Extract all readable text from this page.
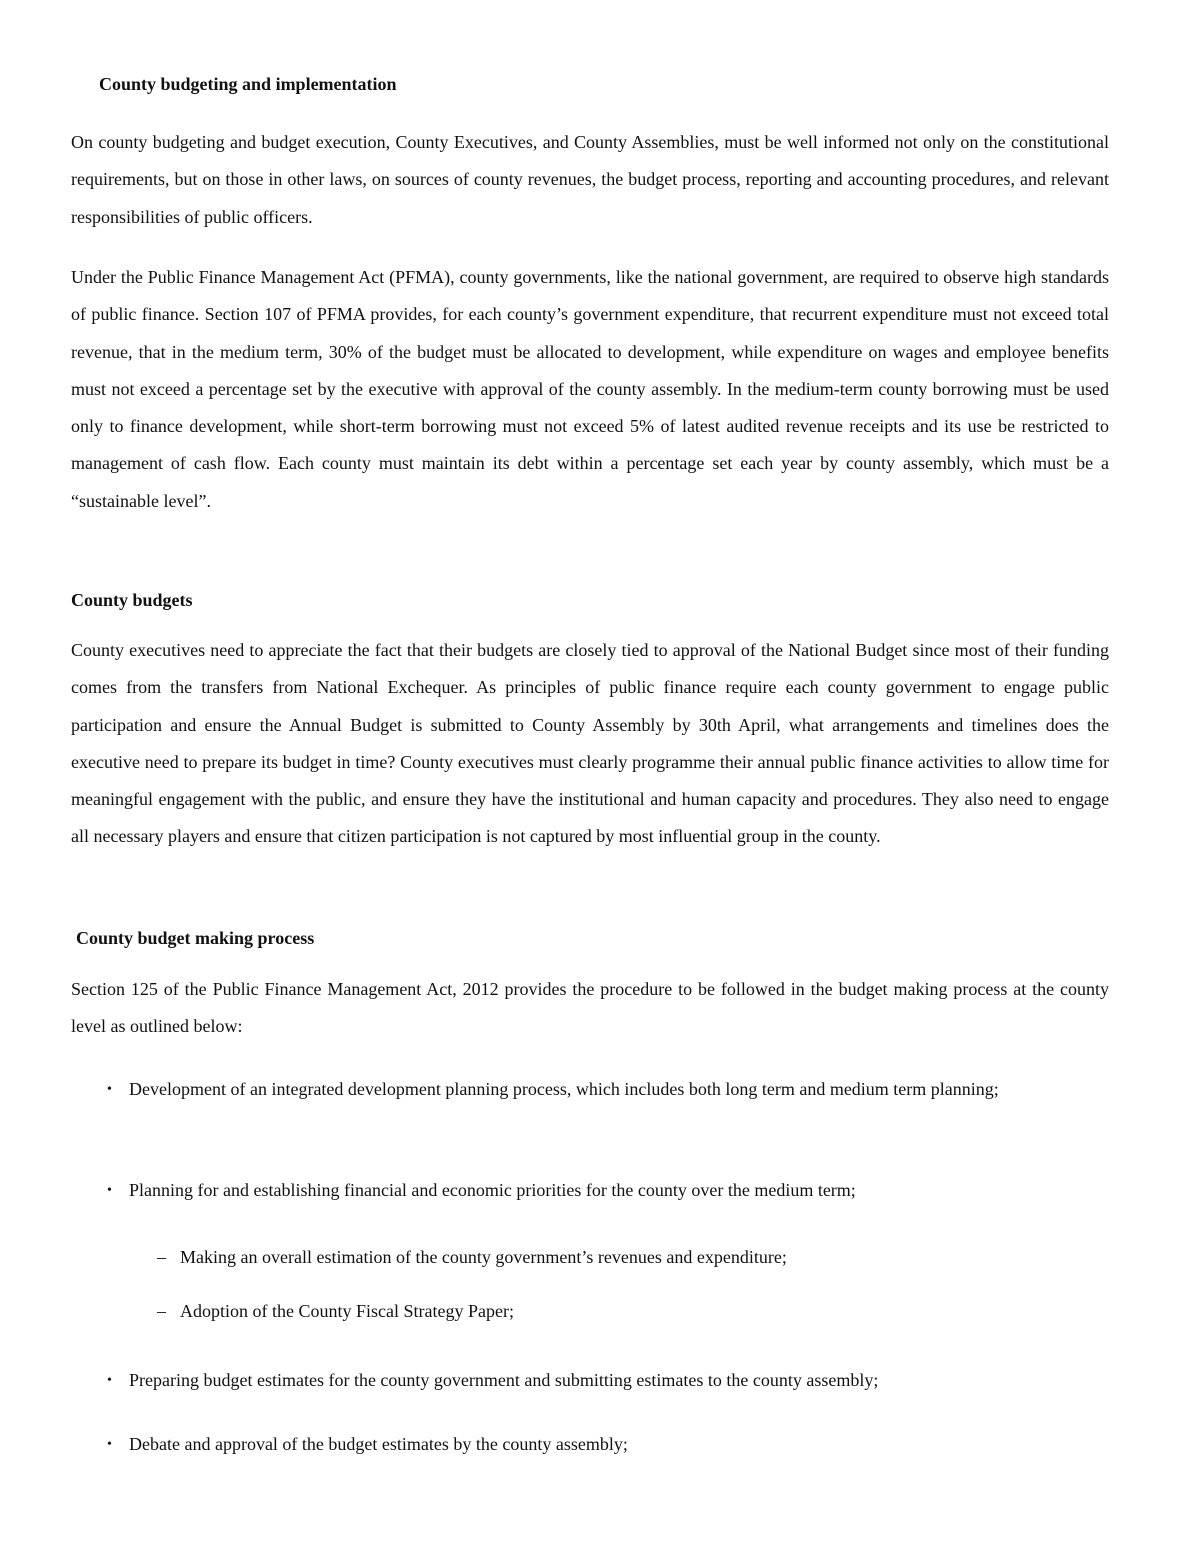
County budgeting and implementation

On county budgeting and budget execution, County Executives, and County Assemblies, must be well informed not only on the constitutional requirements, but on those in other laws, on sources of county revenues, the budget process, reporting and accounting procedures, and relevant responsibilities of public officers.

Under the Public Finance Management Act (PFMA), county governments, like the national government, are required to observe high standards of public finance. Section 107 of PFMA provides, for each county’s government expenditure, that recurrent expenditure must not exceed total revenue, that in the medium term, 30% of the budget must be allocated to development, while expenditure on wages and employee benefits must not exceed a percentage set by the executive with approval of the county assembly. In the medium-term county borrowing must be used only to finance development, while short-term borrowing must not exceed 5% of latest audited revenue receipts and its use be restricted to management of cash flow. Each county must maintain its debt within a percentage set each year by county assembly, which must be a “sustainable level”.

County budgets

County executives need to appreciate the fact that their budgets are closely tied to approval of the National Budget since most of their funding comes from the transfers from National Exchequer. As principles of public finance require each county government to engage public participation and ensure the Annual Budget is submitted to County Assembly by 30th April, what arrangements and timelines does the executive need to prepare its budget in time? County executives must clearly programme their annual public finance activities to allow time for meaningful engagement with the public, and ensure they have the institutional and human capacity and procedures. They also need to engage all necessary players and ensure that citizen participation is not captured by most influential group in the county.

County budget making process

Section 125 of the Public Finance Management Act, 2012 provides the procedure to be followed in the budget making process at the county level as outlined below:

• Development of an integrated development planning process, which includes both long term and medium term planning;
• Planning for and establishing financial and economic priorities for the county over the medium term;
– Making an overall estimation of the county government’s revenues and expenditure;
– Adoption of the County Fiscal Strategy Paper;
• Preparing budget estimates for the county government and submitting estimates to the county assembly;
• Debate and approval of the budget estimates by the county assembly;
